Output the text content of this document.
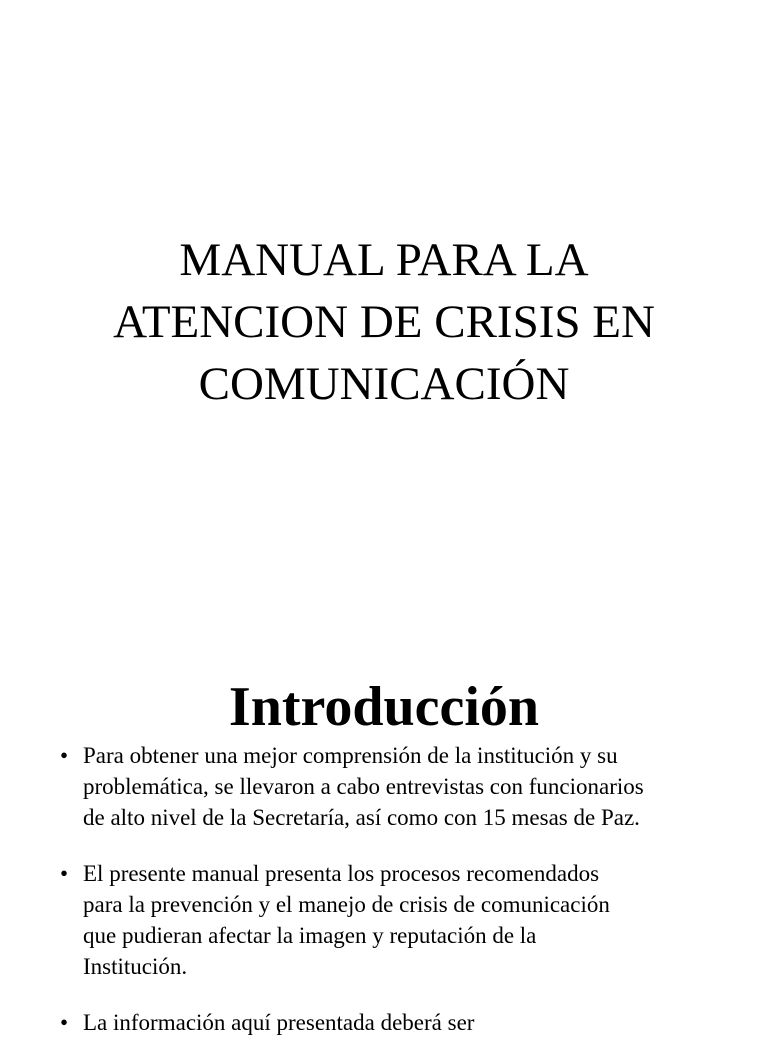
MANUAL PARA LA
ATENCION DE CRISIS EN
COMUNICACIÓN
Introducción
• Para obtener una mejor comprensión de la institución y su
problemática, se llevaron a cabo entrevistas con funcionarios
de alto nivel de la Secretaría, así como con 15 mesas de Paz.
• El presente manual presenta los procesos recomendados
para la prevención y el manejo de crisis de comunicación
que pudieran afectar la imagen y reputación de la
Institución.
• La información aquí presentada deberá ser
